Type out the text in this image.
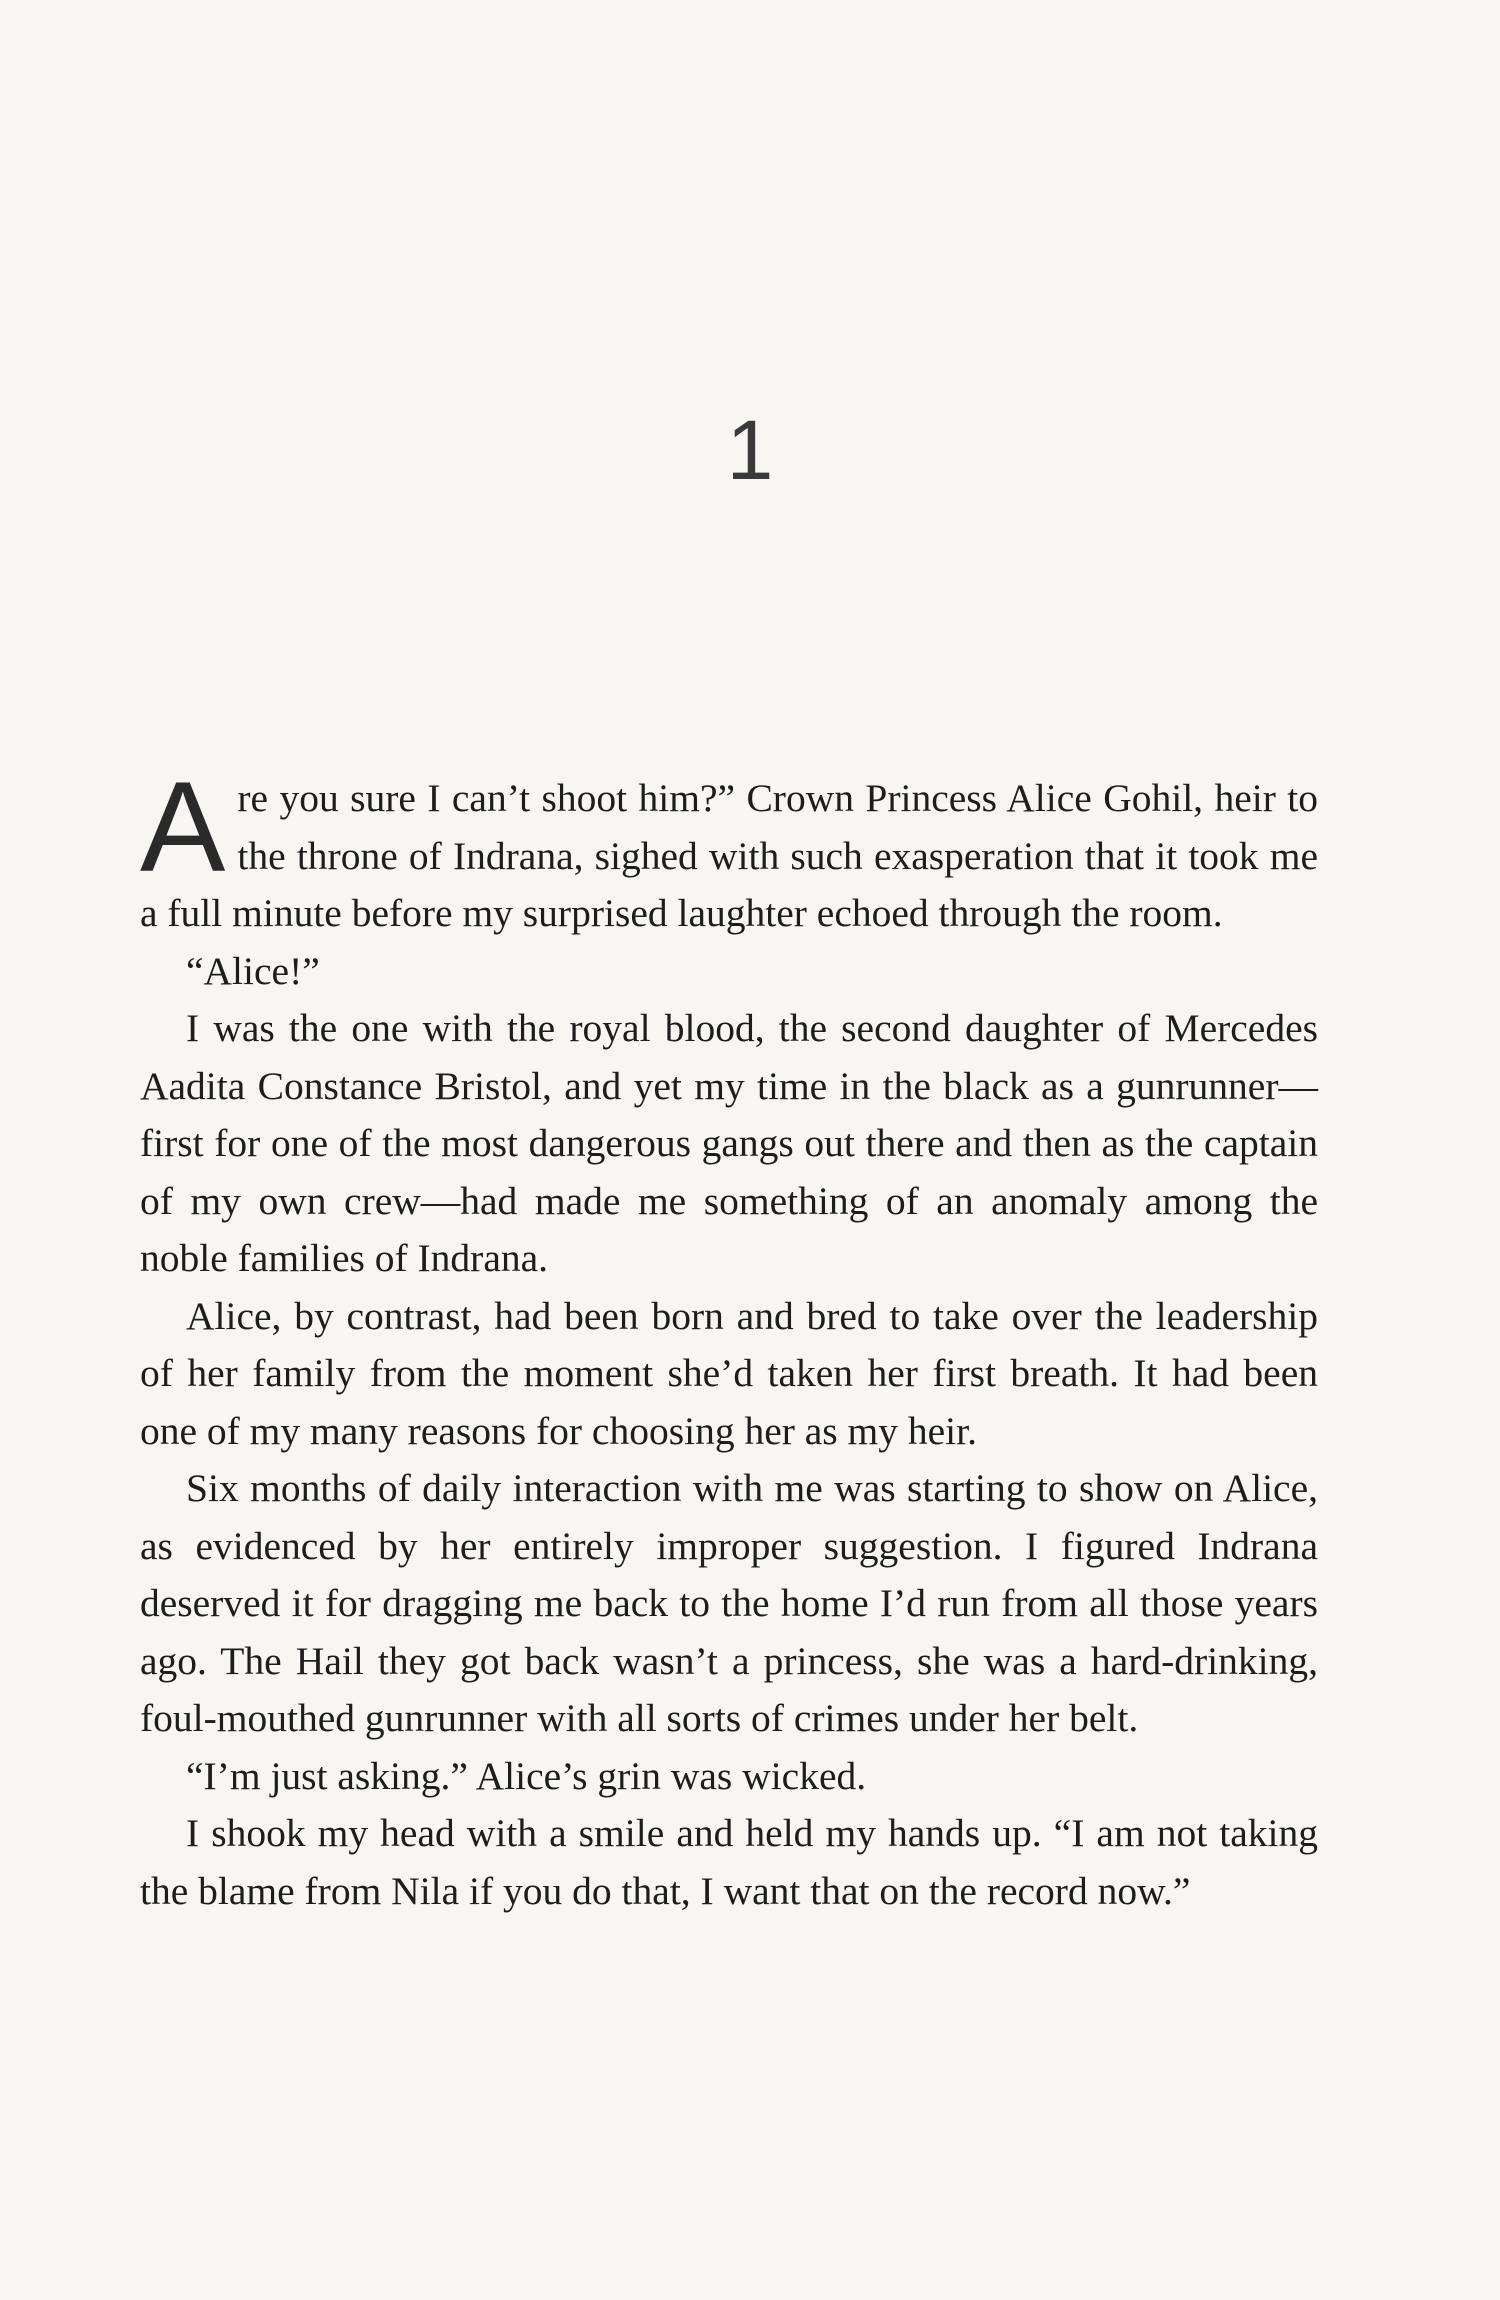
1

Are you sure I can’t shoot him?” Crown Princess Alice Gohil, heir to the throne of Indrana, sighed with such exasperation that it took me a full minute before my surprised laughter echoed through the room.

“Alice!”

I was the one with the royal blood, the second daughter of Mercedes Aadita Constance Bristol, and yet my time in the black as a gunrunner—first for one of the most dangerous gangs out there and then as the captain of my own crew—had made me something of an anomaly among the noble families of Indrana.

Alice, by contrast, had been born and bred to take over the leadership of her family from the moment she’d taken her first breath. It had been one of my many reasons for choosing her as my heir.

Six months of daily interaction with me was starting to show on Alice, as evidenced by her entirely improper suggestion. I figured Indrana deserved it for dragging me back to the home I’d run from all those years ago. The Hail they got back wasn’t a princess, she was a hard-drinking, foul-mouthed gunrunner with all sorts of crimes under her belt.

“I’m just asking.” Alice’s grin was wicked.

I shook my head with a smile and held my hands up. “I am not taking the blame from Nila if you do that, I want that on the record now.”
